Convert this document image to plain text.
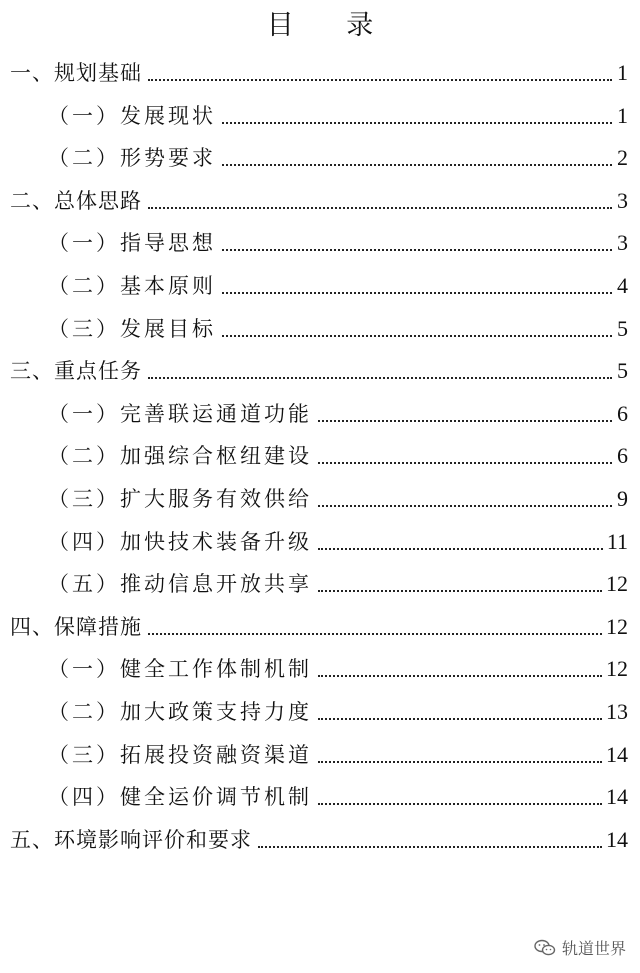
目 录
一、规划基础	1
（一）发展现状	1
（二）形势要求	2
二、总体思路	3
（一）指导思想	3
（二）基本原则	4
（三）发展目标	5
三、重点任务	5
（一）完善联运通道功能	6
（二）加强综合枢纽建设	6
（三）扩大服务有效供给	9
（四）加快技术装备升级	11
（五）推动信息开放共享	12
四、保障措施	12
（一）健全工作体制机制	12
（二）加大政策支持力度	13
（三）拓展投资融资渠道	14
（四）健全运价调节机制	14
五、环境影响评价和要求	14
轨道世界
